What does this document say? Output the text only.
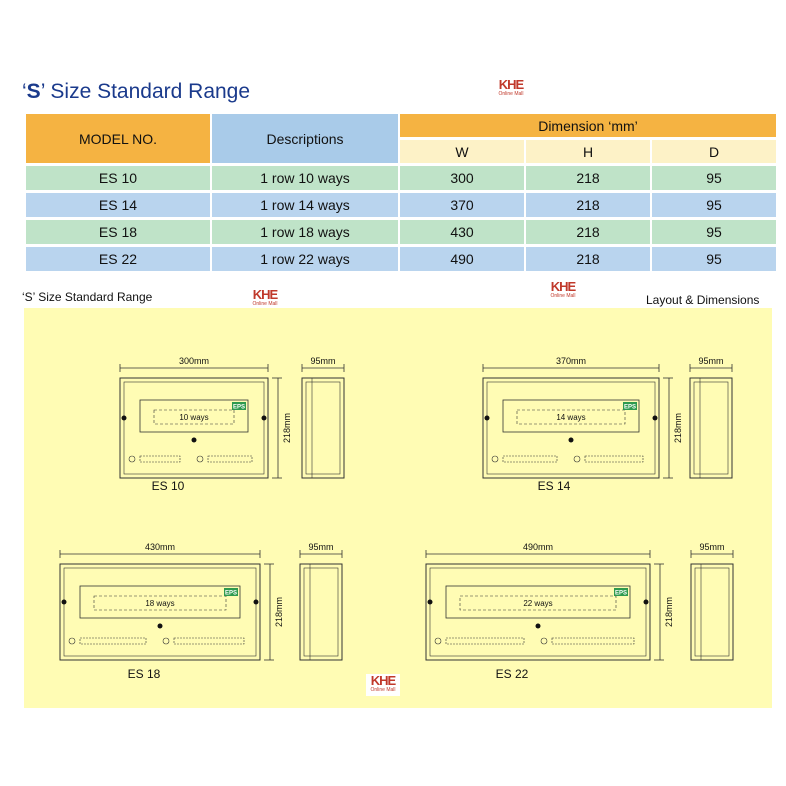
‘S’ Size Standard Range	KHE
Online Mall
MODEL NO.	Descriptions	Dimension ‘mm’		
		W	H	D
ES 10	1 row 10 ways	300	218	95
ES 14	1 row 14 ways	370	218	95
ES 18	1 row 18 ways	430	218	95
ES 22	1 row 22 ways	490	218	95
‘S’ Size Standard Range	KHE
Online Mall
KHE
Online Mall	Layout & Dimensions
300mm
10 ways
EPS
218mm
95mm
ES 10
370mm
14 ways
EPS
218mm
95mm
ES 14
430mm
18 ways
EPS
218mm
95mm
ES 18
490mm
22 ways
EPS
218mm
95mm
ES 22
KHE
Online Mall
